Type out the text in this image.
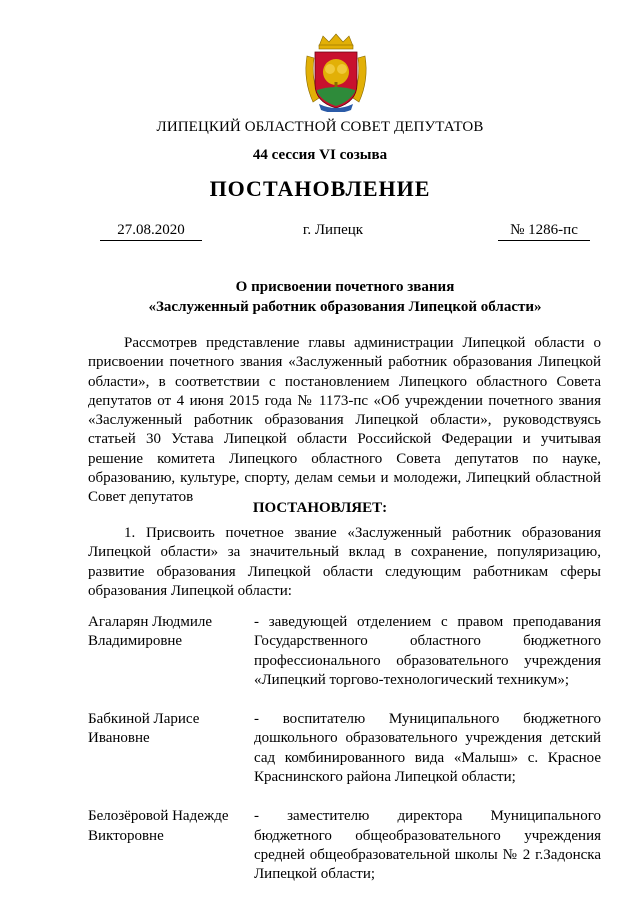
ЛИПЕЦКИЙ ОБЛАСТНОЙ СОВЕТ ДЕПУТАТОВ
44 сессия VI созыва
ПОСТАНОВЛЕНИЕ
27.08.2020	г. Липецк	№ 1286-пс
О присвоении почетного звания
«Заслуженный работник образования Липецкой области»
Рассмотрев представление главы администрации Липецкой области о присвоении почетного звания «Заслуженный работник образования Липецкой области», в соответствии с постановлением Липецкого областного Совета депутатов от 4 июня 2015 года № 1173-пс «Об учреждении почетного звания «Заслуженный работник образования Липецкой области», руководствуясь статьей 30 Устава Липецкой области Российской Федерации и учитывая решение комитета Липецкого областного Совета депутатов по науке, образованию, культуре, спорту, делам семьи и молодежи, Липецкий областной Совет депутатов
ПОСТАНОВЛЯЕТ:
1. Присвоить почетное звание «Заслуженный работник образования Липецкой области» за значительный вклад в сохранение, популяризацию, развитие образования Липецкой области следующим работникам сферы образования Липецкой области:
Агаларян Людмиле Владимировне
- заведующей отделением с правом преподавания Государственного областного бюджетного профессионального образовательного учреждения «Липецкий торгово-технологический техникум»;
Бабкиной Ларисе Ивановне
- воспитателю Муниципального бюджетного дошкольного образовательного учреждения детский сад комбинированного вида «Малыш» с. Красное Краснинского района Липецкой области;
Белозёровой Надежде Викторовне
- заместителю директора Муниципального бюджетного общеобразовательного учреждения средней общеобразовательной школы № 2 г.Задонска Липецкой области;
